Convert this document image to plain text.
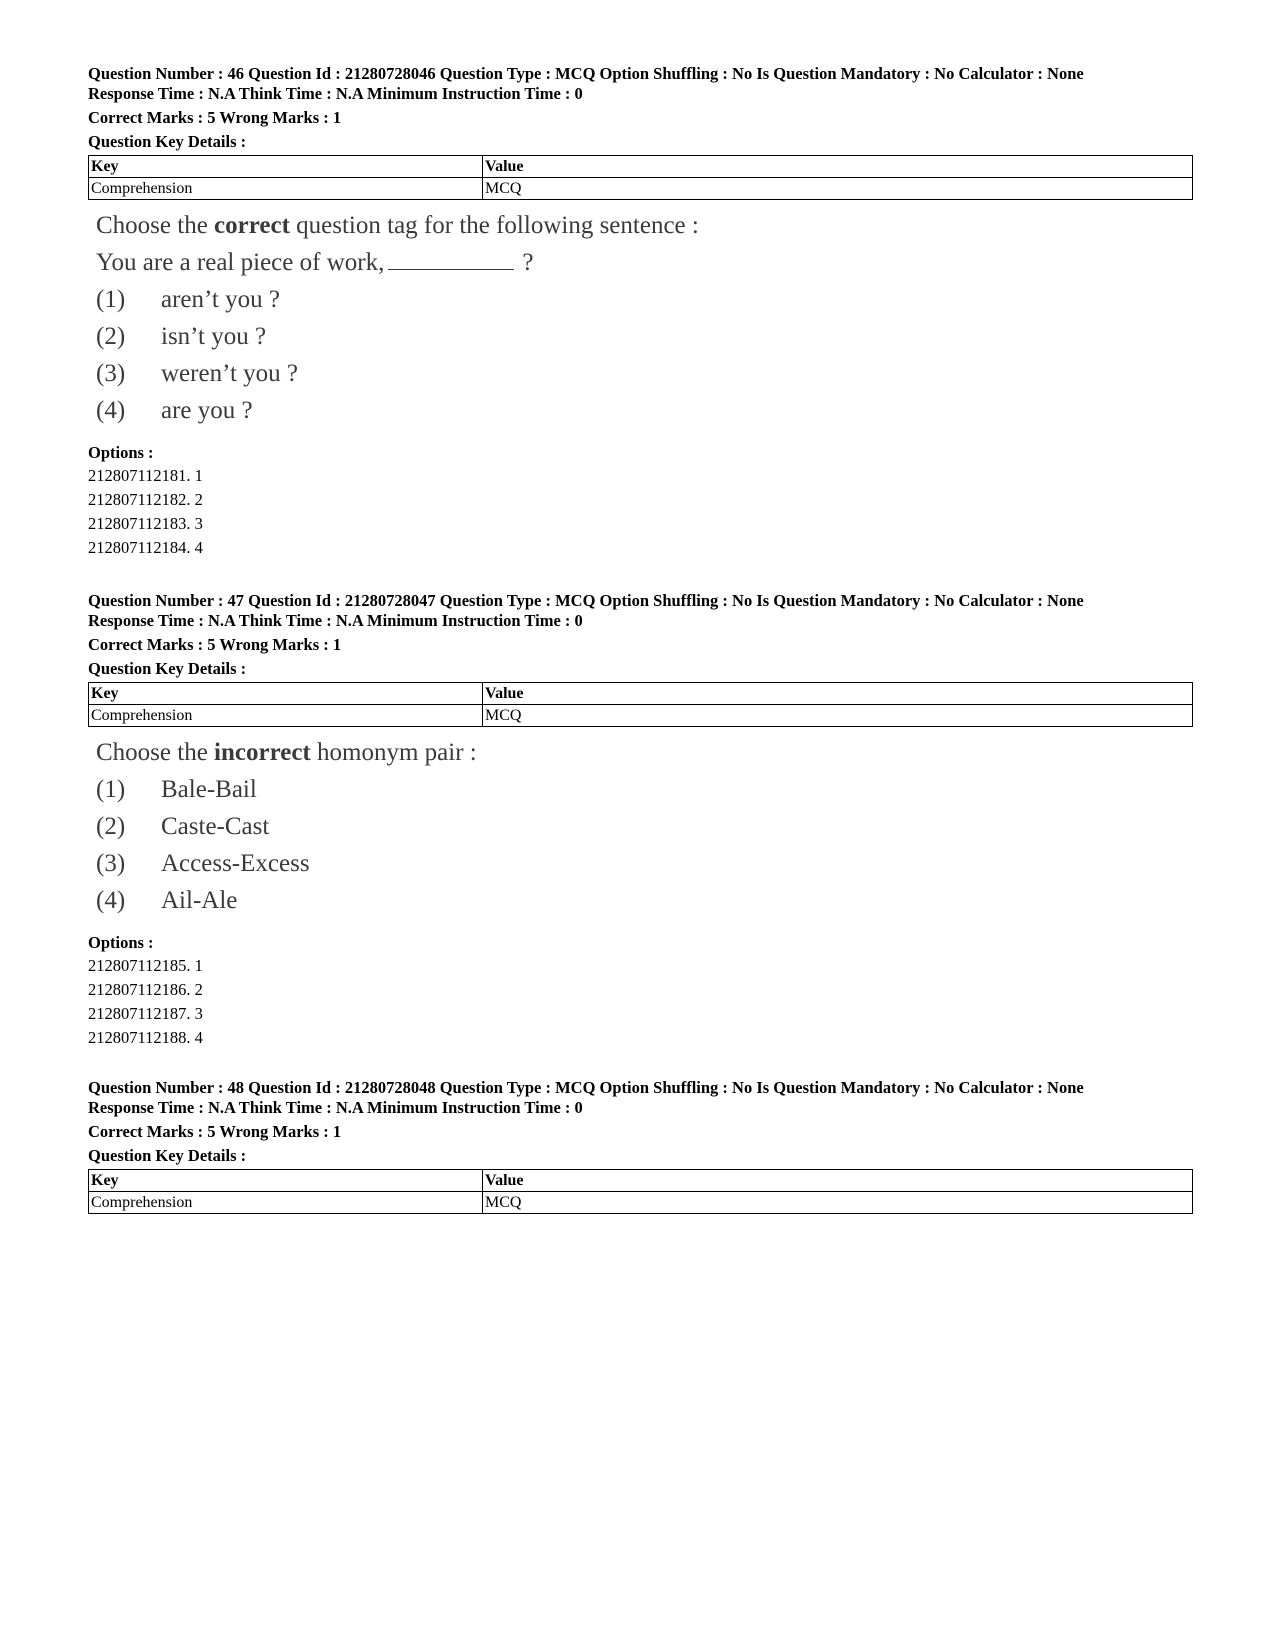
Question Number : 46 Question Id : 21280728046 Question Type : MCQ Option Shuffling : No Is Question Mandatory : No Calculator : None
Response Time : N.A Think Time : N.A Minimum Instruction Time : 0
Correct Marks : 5 Wrong Marks : 1
Question Key Details :
Key	Value
Comprehension	MCQ
Choose the correct question tag for the following sentence :
You are a real piece of work,	?
(1)	aren’t you ?
(2)	isn’t you ?
(3)	weren’t you ?
(4)	are you ?
Options :
212807112181. 1
212807112182. 2
212807112183. 3
212807112184. 4
Question Number : 47 Question Id : 21280728047 Question Type : MCQ Option Shuffling : No Is Question Mandatory : No Calculator : None
Response Time : N.A Think Time : N.A Minimum Instruction Time : 0
Correct Marks : 5 Wrong Marks : 1
Question Key Details :
Key	Value
Comprehension	MCQ
Choose the incorrect homonym pair :
(1)	Bale-Bail
(2)	Caste-Cast
(3)	Access-Excess
(4)	Ail-Ale
Options :
212807112185. 1
212807112186. 2
212807112187. 3
212807112188. 4
Question Number : 48 Question Id : 21280728048 Question Type : MCQ Option Shuffling : No Is Question Mandatory : No Calculator : None
Response Time : N.A Think Time : N.A Minimum Instruction Time : 0
Correct Marks : 5 Wrong Marks : 1
Question Key Details :
Key	Value
Comprehension	MCQ
